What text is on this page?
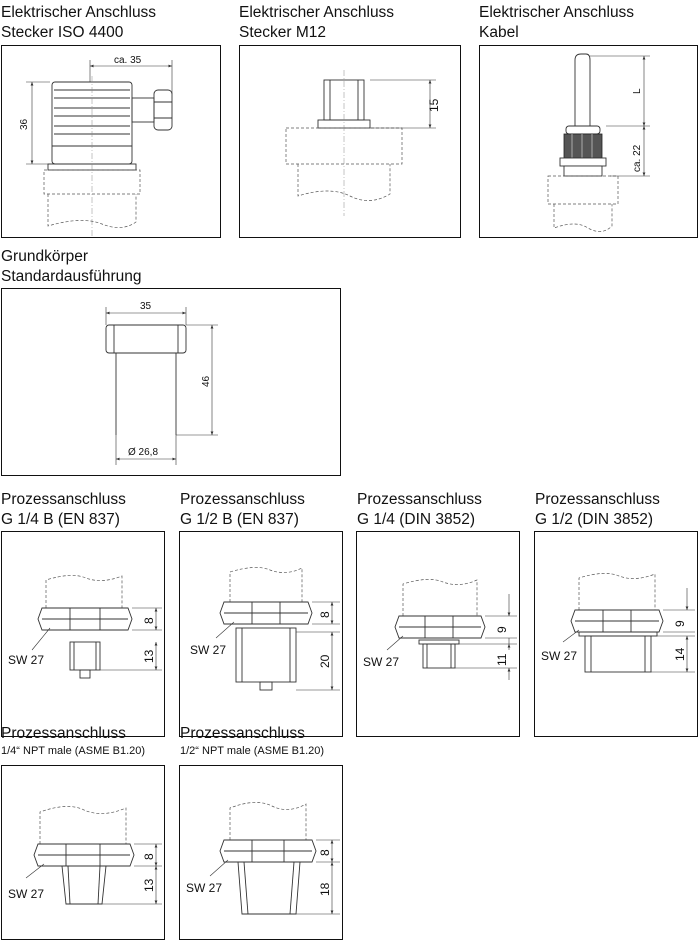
Elektrischer Anschluss
Stecker ISO 4400
ca. 35
36
Elektrischer Anschluss
Stecker M12
15
Elektrischer Anschluss
Kabel
L
ca. 22
Grundkörper
Standardausführung
35
46
Ø 26,8
Prozessanschluss
G 1/4 B (EN 837)
8
13
SW 27
Prozessanschluss
G 1/2 B (EN 837)
8
20
SW 27
Prozessanschluss
G 1/4 (DIN 3852)
9
11
SW 27
Prozessanschluss
G 1/2 (DIN 3852)
9
14
SW 27
Prozessanschluss
1/4“ NPT male (ASME B1.20)
8
13
SW 27
Prozessanschluss
1/2“ NPT male (ASME B1.20)
8
18
SW 27
